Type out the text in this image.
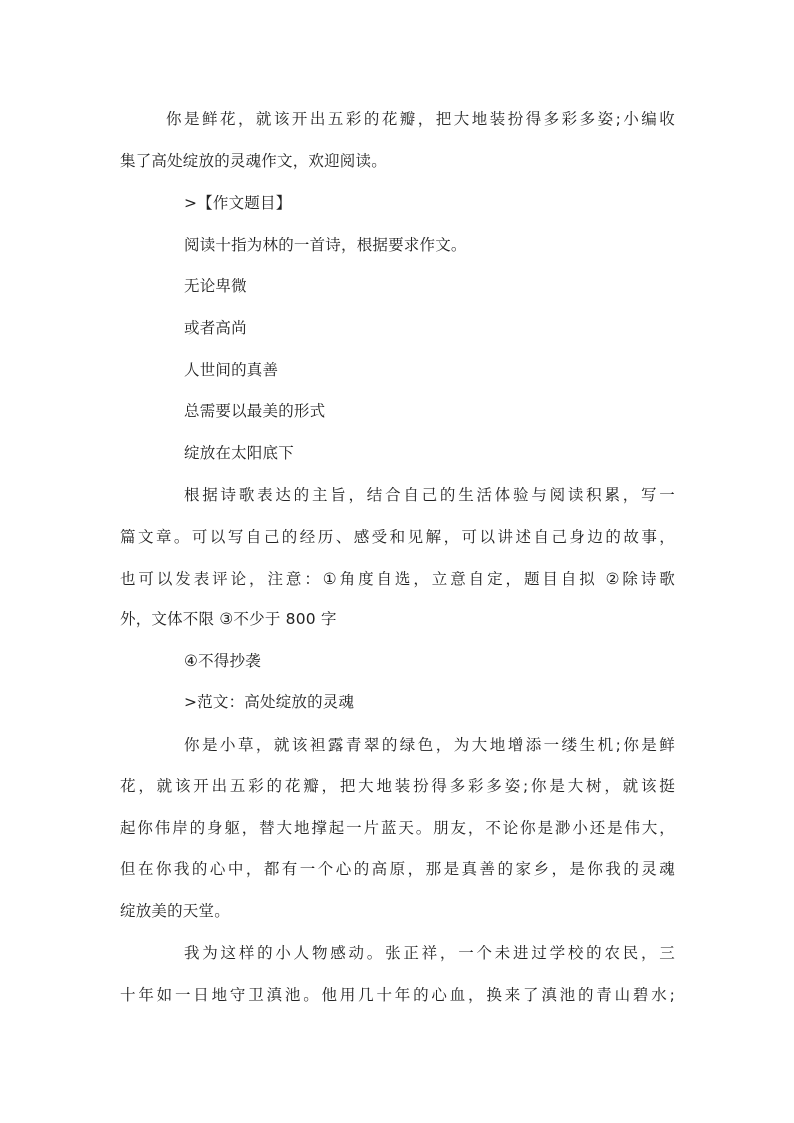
你是鲜花，就该开出五彩的花瓣，把大地装扮得多彩多姿;小编收
集了高处绽放的灵魂作文，欢迎阅读。
>【作文题目】
阅读十指为林的一首诗，根据要求作文。
无论卑微
或者高尚
人世间的真善
总需要以最美的形式
绽放在太阳底下
根据诗歌表达的主旨，结合自己的生活体验与阅读积累，写一
篇文章。可以写自己的经历、感受和见解，可以讲述自己身边的故事，
也可以发表评论，注意：①角度自选，立意自定，题目自拟 ②除诗歌
外，文体不限 ③不少于 800 字
④不得抄袭
>范文：高处绽放的灵魂
你是小草，就该袒露青翠的绿色，为大地增添一缕生机;你是鲜
花，就该开出五彩的花瓣，把大地装扮得多彩多姿;你是大树，就该挺
起你伟岸的身躯，替大地撑起一片蓝天。朋友，不论你是渺小还是伟大，
但在你我的心中，都有一个心的高原，那是真善的家乡，是你我的灵魂
绽放美的天堂。
我为这样的小人物感动。张正祥，一个未进过学校的农民，三
十年如一日地守卫滇池。他用几十年的心血，换来了滇池的青山碧水;
